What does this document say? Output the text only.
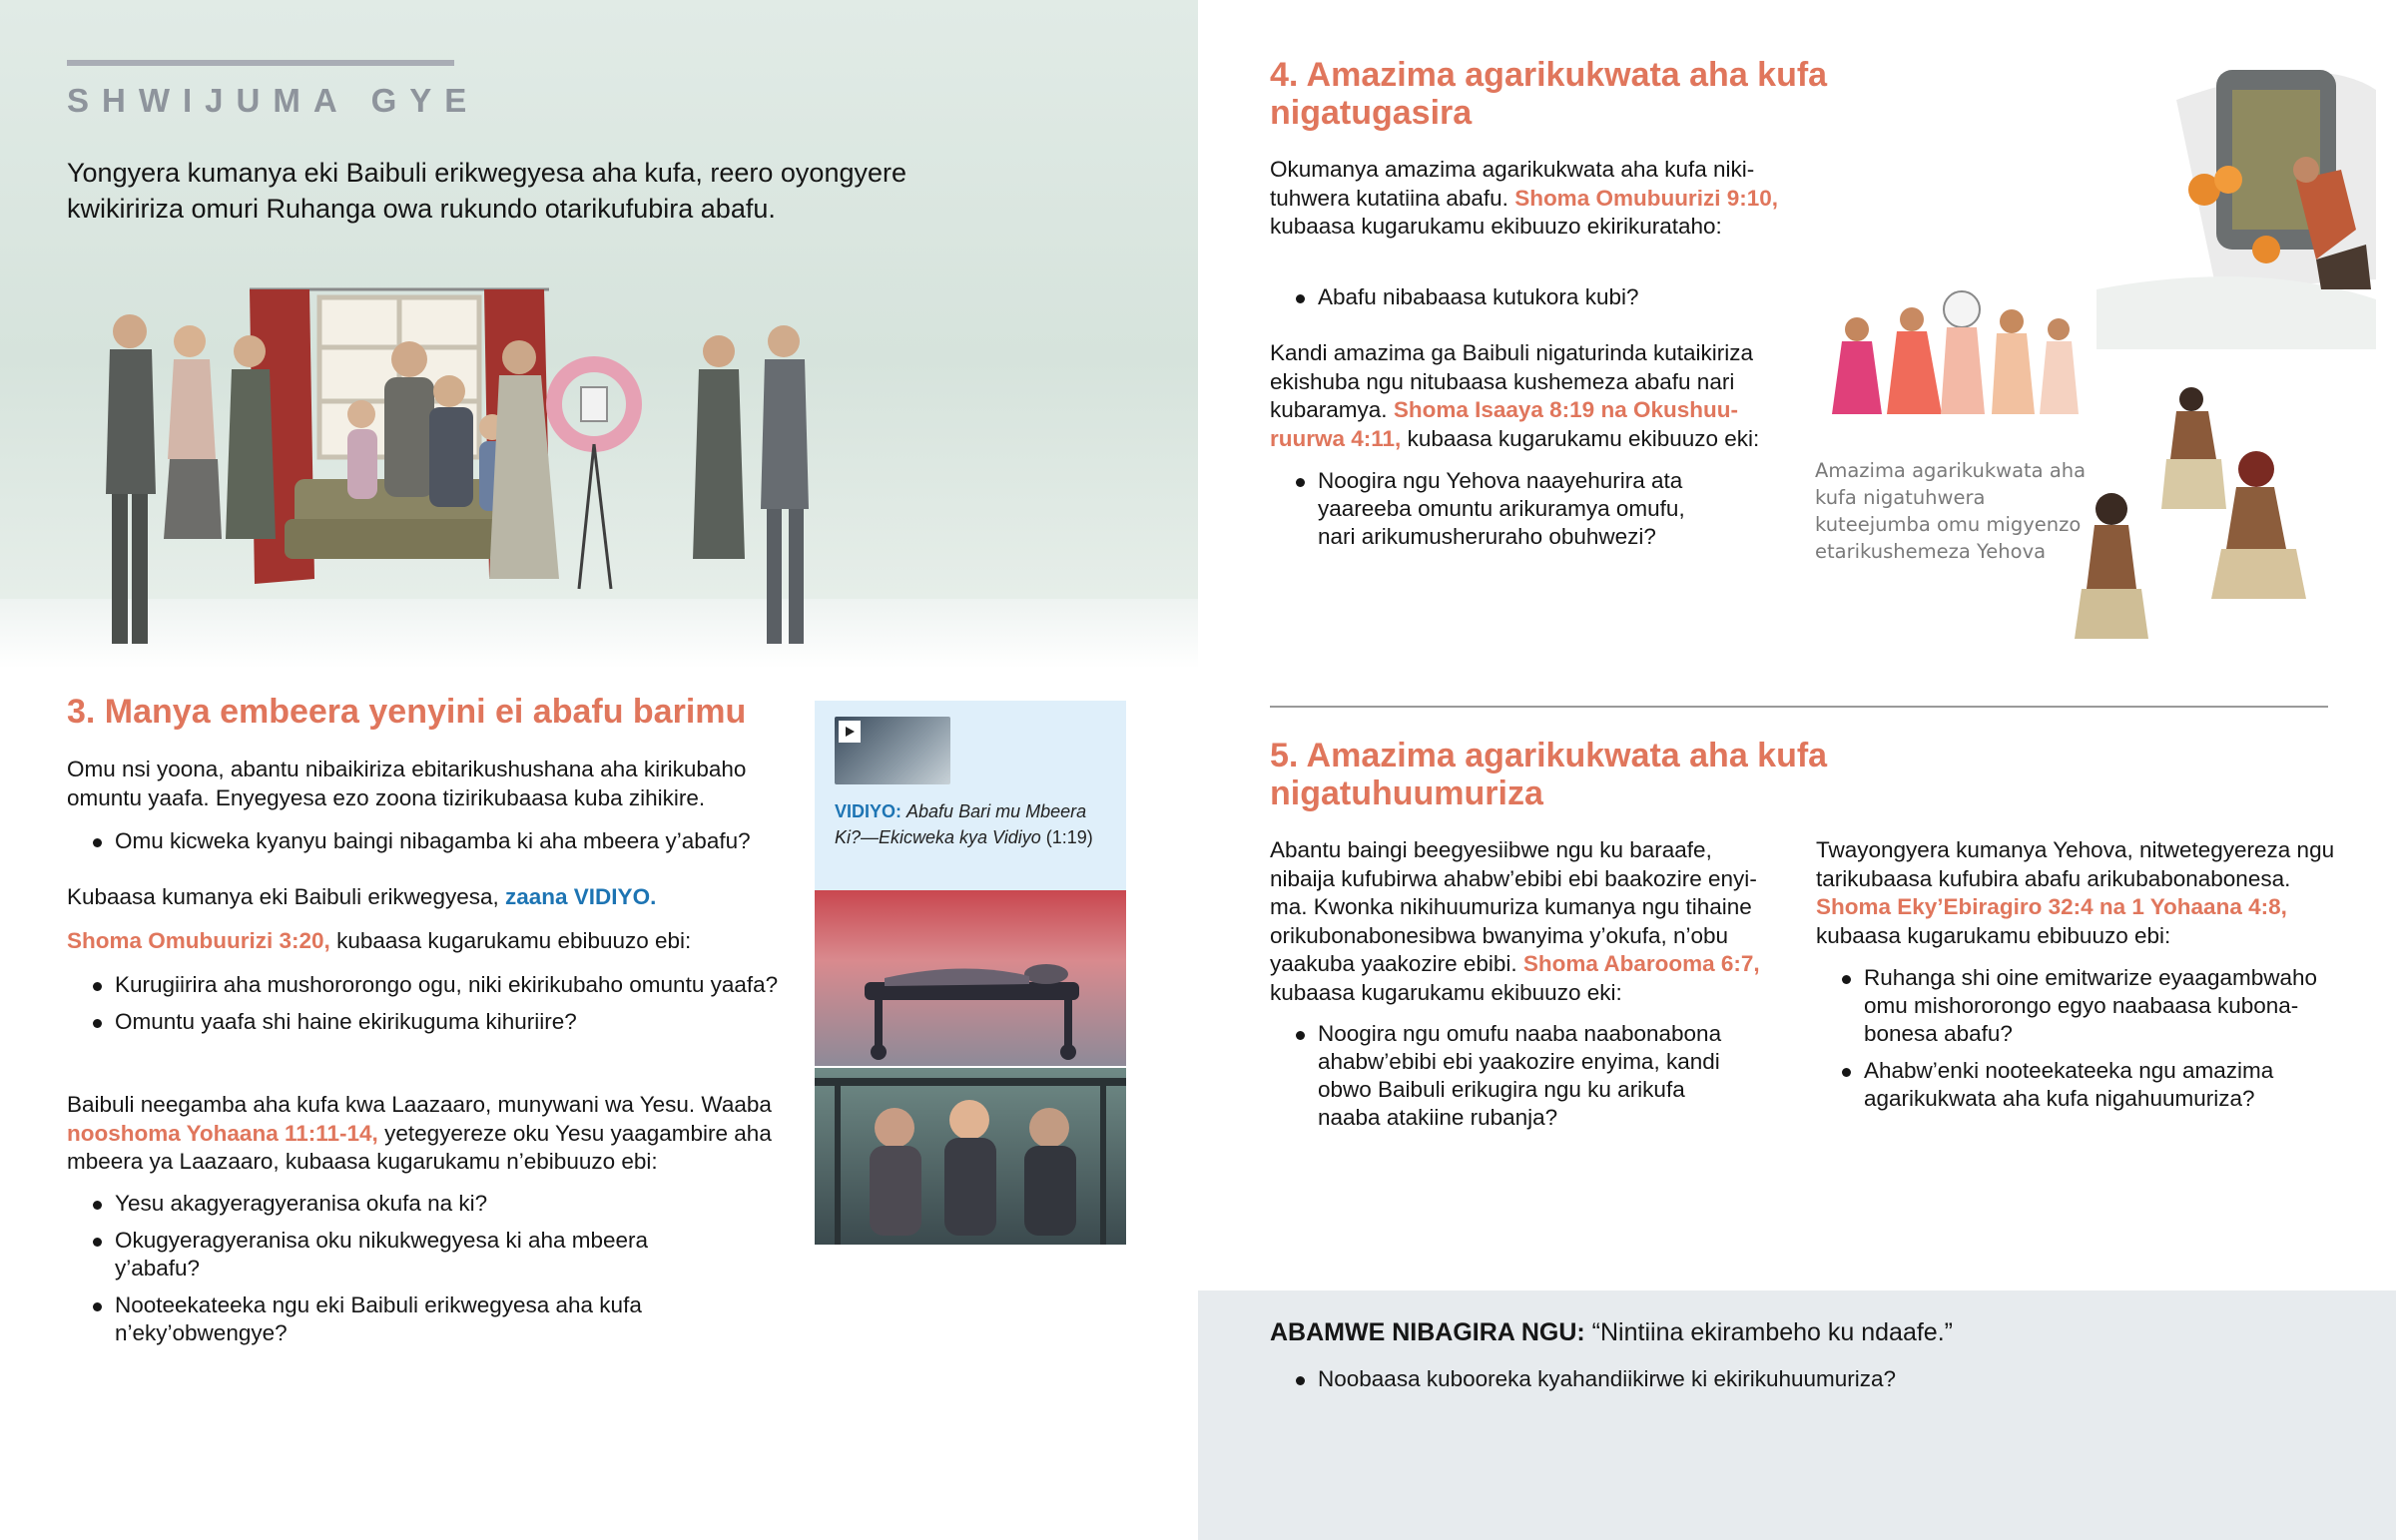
SHWIJUMA GYE
Yongyera kumanya eki Baibuli erikwegyesa aha kufa, reero oyongyere kwikiririza omuri Ruhanga owa rukundo otarikufubira abafu.
3. Manya embeera yenyini ei abafu barimu
Omu nsi yoona, abantu nibaikiriza ebitarikushushana aha kirikubaho omuntu yaafa. Enyegyesa ezo zoona tizirikubaasa kuba zihikire.
Omu kicweka kyanyu baingi nibagamba ki aha mbeera y’abafu?
Kubaasa kumanya eki Baibuli erikwegyesa, zaana VIDIYO.
Shoma Omubuurizi 3:20, kubaasa kugarukamu ebibuuzo ebi:
Kurugiirira aha mushororongo ogu, niki ekirikubaho omuntu yaafa?
Omuntu yaafa shi haine ekirikuguma kihuriire?
Baibuli neegamba aha kufa kwa Laazaaro, munywani wa Yesu. Waaba nooshoma Yohaana 11:11-14, yetegyereze oku Yesu yaagambire aha mbeera ya Laazaaro, kubaasa kugarukamu n’ebibuuzo ebi:
Yesu akagyeragyeranisa okufa na ki?
Okugyeragyeranisa oku nikukwegyesa ki aha mbeera y’abafu?
Nooteekateeka ngu eki Baibuli erikwegyesa aha kufa n’eky’obwengye?
VIDIYO: Abafu Bari mu Mbeera Ki?—Ekicweka kya Vidiyo (1:19)
4. Amazima agarikukwata aha kufa nigatugasira
Okumanya amazima agarikukwata aha kufa nikituhwera kutatiina abafu. Shoma Omubuurizi 9:10, kubaasa kugarukamu ekibuuzo ekirikurataho:
Abafu nibabaasa kutukora kubi?
Kandi amazima ga Baibuli nigaturinda kutaikiriza ekishuba ngu nitubaasa kushemeza abafu nari kubaramya. Shoma Isaaya 8:19 na Okushuuruurwa 4:11, kubaasa kugarukamu ekibuuzo eki:
Noogira ngu Yehova naayehurira ata yaareeba omuntu arikuramya omufu, nari arikumusheruraho obuhwezi?
Amazima agarikukwata aha kufa nigatuhwera kuteejumba omu migyenzo etarikushemeza Yehova
5. Amazima agarikukwata aha kufa nigatuhuumuriza
Abantu baingi beegyesiibwe ngu ku baraafe, nibaija kufubirwa ahabw’ebibi ebi baakozire enyima. Kwonka nikihuumuriza kumanya ngu tihaine orikubonabonesibwa bwanyima y’okufa, n’obu yaakuba yaakozire ebibi. Shoma Abarooma 6:7, kubaasa kugarukamu ekibuuzo eki:
Noogira ngu omufu naaba naabonabona ahabw’ebibi ebi yaakozire enyima, kandi obwo Baibuli erikugira ngu ku arikufa naaba atakiine rubanja?
Twayongyera kumanya Yehova, nitwetegyereza ngu tarikubaasa kufubira abafu arikubabonabonesa. Shoma Eky’Ebiragiro 32:4 na 1 Yohaana 4:8, kubaasa kugarukamu ebibuuzo ebi:
Ruhanga shi oine emitwarize eyaagambwaho omu mishororongo egyo naabaasa kubonabonesa abafu?
Ahabw’enki nooteekateeka ngu amazima agarikukwata aha kufa nigahuumuriza?
ABAMWE NIBAGIRA NGU: “Nintiina ekirambeho ku ndaafe.”
Noobaasa kubooreka kyahandiikirwe ki ekirikuhuumuriza?
